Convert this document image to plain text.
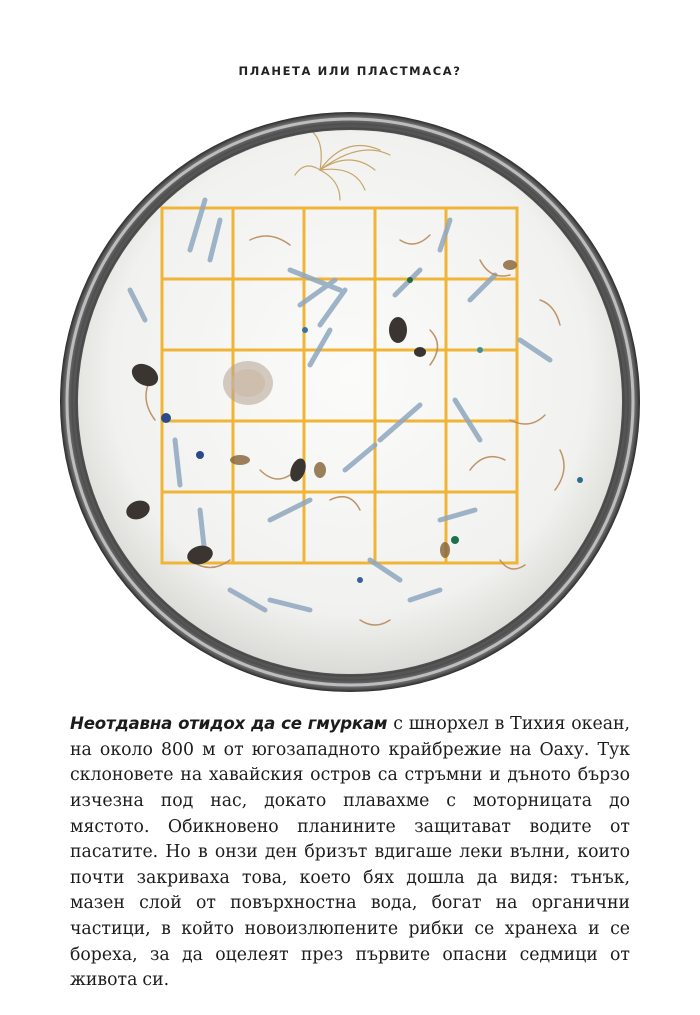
ПЛАНЕТА ИЛИ ПЛАСТМАСА?

Неотдавна отидох да се гмуркам с шнорхел в Тихия океан, на около 800 м от югозападното крайбрежие на Оаху. Тук склоновете на хавайския остров са стръмни и дъното бързо изчезна под нас, докато плавахме с моторницата до мястото. Обикновено планините защитават водите от пасатите. Но в онзи ден бризът вдигаше леки вълни, които почти закриваха това, което бях дошла да видя: тънък, мазен слой от повърхностна вода, богат на органични частици, в който новоизлюпените рибки се хранеха и се бореха, за да оцелеят през първите опасни седмици от живота си.
